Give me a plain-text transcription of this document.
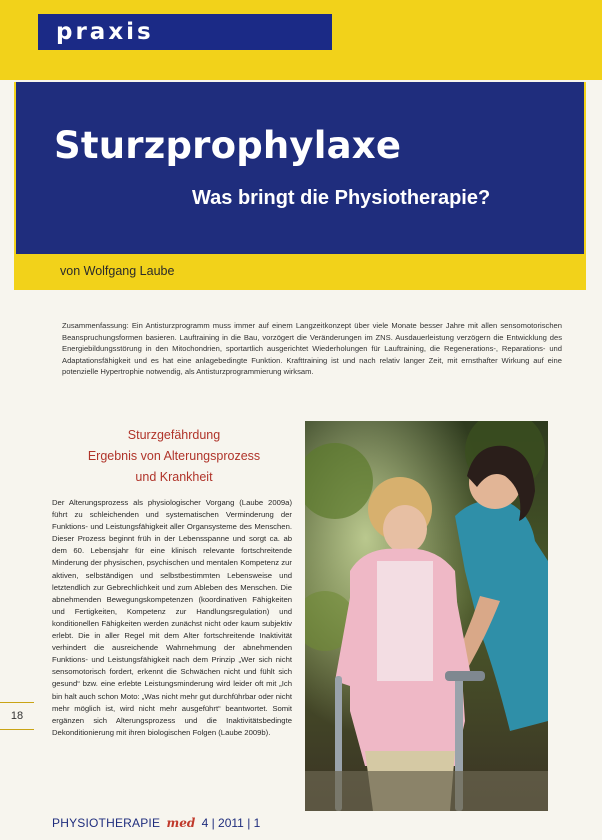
praxis
Sturzprophylaxe
Was bringt die Physiotherapie?
von Wolfgang Laube
Zusammenfassung: Ein Antisturzprogramm muss immer auf einem Langzeitkonzept über viele Monate besser Jahre mit allen sensomotorischen Beanspruchungsformen basieren. Lauftraining in die Bau, vorzögert die Veränderungen im ZNS. Ausdauerleistung verzögern die Entwicklung des Energiebildungsstörung in den Mitochondrien, sportartlich ausgerichtet Wiederholungen für Lauftraining, die Regenerations-, Reparations- und Adaptationsfähigkeit und es hat eine anlagebedingte Funktion. Krafttraining ist und nach relativ langer Zeit, mit ernsthafter Wirkung auf eine potenzielle Hypertrophie notwendig, als Antisturzprogrammierung wirksam.
Sturzgefährdung
Ergebnis von Alterungsprozess
und Krankheit
Der Alterungsprozess als physiologischer Vorgang (Laube 2009a) führt zu schleichenden und systematischen Verminderung der Funktions- und Leistungsfähigkeit aller Organsysteme des Menschen. Dieser Prozess beginnt früh in der Lebensspanne und sorgt ca. ab dem 60. Lebensjahr für eine klinisch relevante fortschreitende Minderung der physischen, psychischen und mentalen Kompetenz zur aktiven, selbständigen und selbstbestimmten Lebensweise und letztendlich zur Gebrechlichkeit und zum Ableben des Menschen. Die abnehmenden Bewegungskompetenzen (koordinativen Fähigkeiten und Fertigkeiten, Kompetenz zur Handlungsregulation) und konditionellen Fähigkeiten werden zunächst nicht oder kaum subjektiv erlebt. Die in aller Regel mit dem Alter fortschreitende Inaktivität verhindert die ausreichende Wahrnehmung der abnehmenden Funktions- und Leistungsfähigkeit nach dem Prinzip „Wer sich nicht sensomotorisch fordert, erkennt die Schwächen nicht und fühlt sich gesund“ bzw. eine erlebte Leistungsminderung wird leider oft mit „Ich bin halt auch schon Moto: „Was nicht mehr gut durchführbar oder nicht mehr möglich ist, wird nicht mehr ausgeführt“ beantwortet. Somit ergänzen sich Alterungsprozess und die Inaktivitätsbedingte Dekonditionierung mit ihren biologischen Folgen (Laube 2009b).
18
PHYSIOTHERAPIE med 4 | 2011 | 1
